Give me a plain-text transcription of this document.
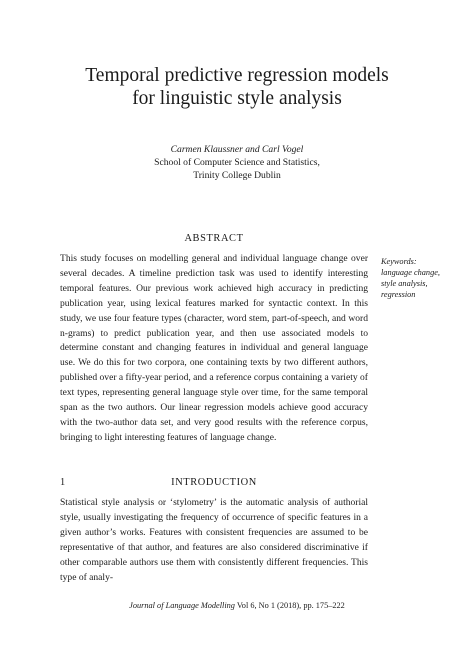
Temporal predictive regression models
for linguistic style analysis
Carmen Klaussner and Carl Vogel
School of Computer Science and Statistics,
Trinity College Dublin
ABSTRACT

This study focuses on modelling general and individual language change over several decades. A timeline prediction task was used to identify interesting temporal features. Our previous work achieved high accuracy in predicting publication year, using lexical features marked for syntactic context. In this study, we use four feature types (character, word stem, part-of-speech, and word n-grams) to predict publication year, and then use associated models to determine constant and changing features in individual and general language use. We do this for two corpora, one containing texts by two different authors, published over a fifty-year period, and a reference corpus containing a variety of text types, representing general language style over time, for the same temporal span as the two authors. Our linear regression models achieve good accuracy with the two-author data set, and very good results with the reference corpus, bringing to light interesting features of language change.

Keywords:
language change,
style analysis,
regression
1	INTRODUCTION

Statistical style analysis or ‘stylometry’ is the automatic analysis of authorial style, usually investigating the frequency of occurrence of specific features in a given author’s works. Features with consistent frequencies are assumed to be representative of that author, and features are also considered discriminative if other comparable authors use them with consistently different frequencies. This type of analy-

Journal of Language Modelling Vol 6, No 1 (2018), pp. 175–222
